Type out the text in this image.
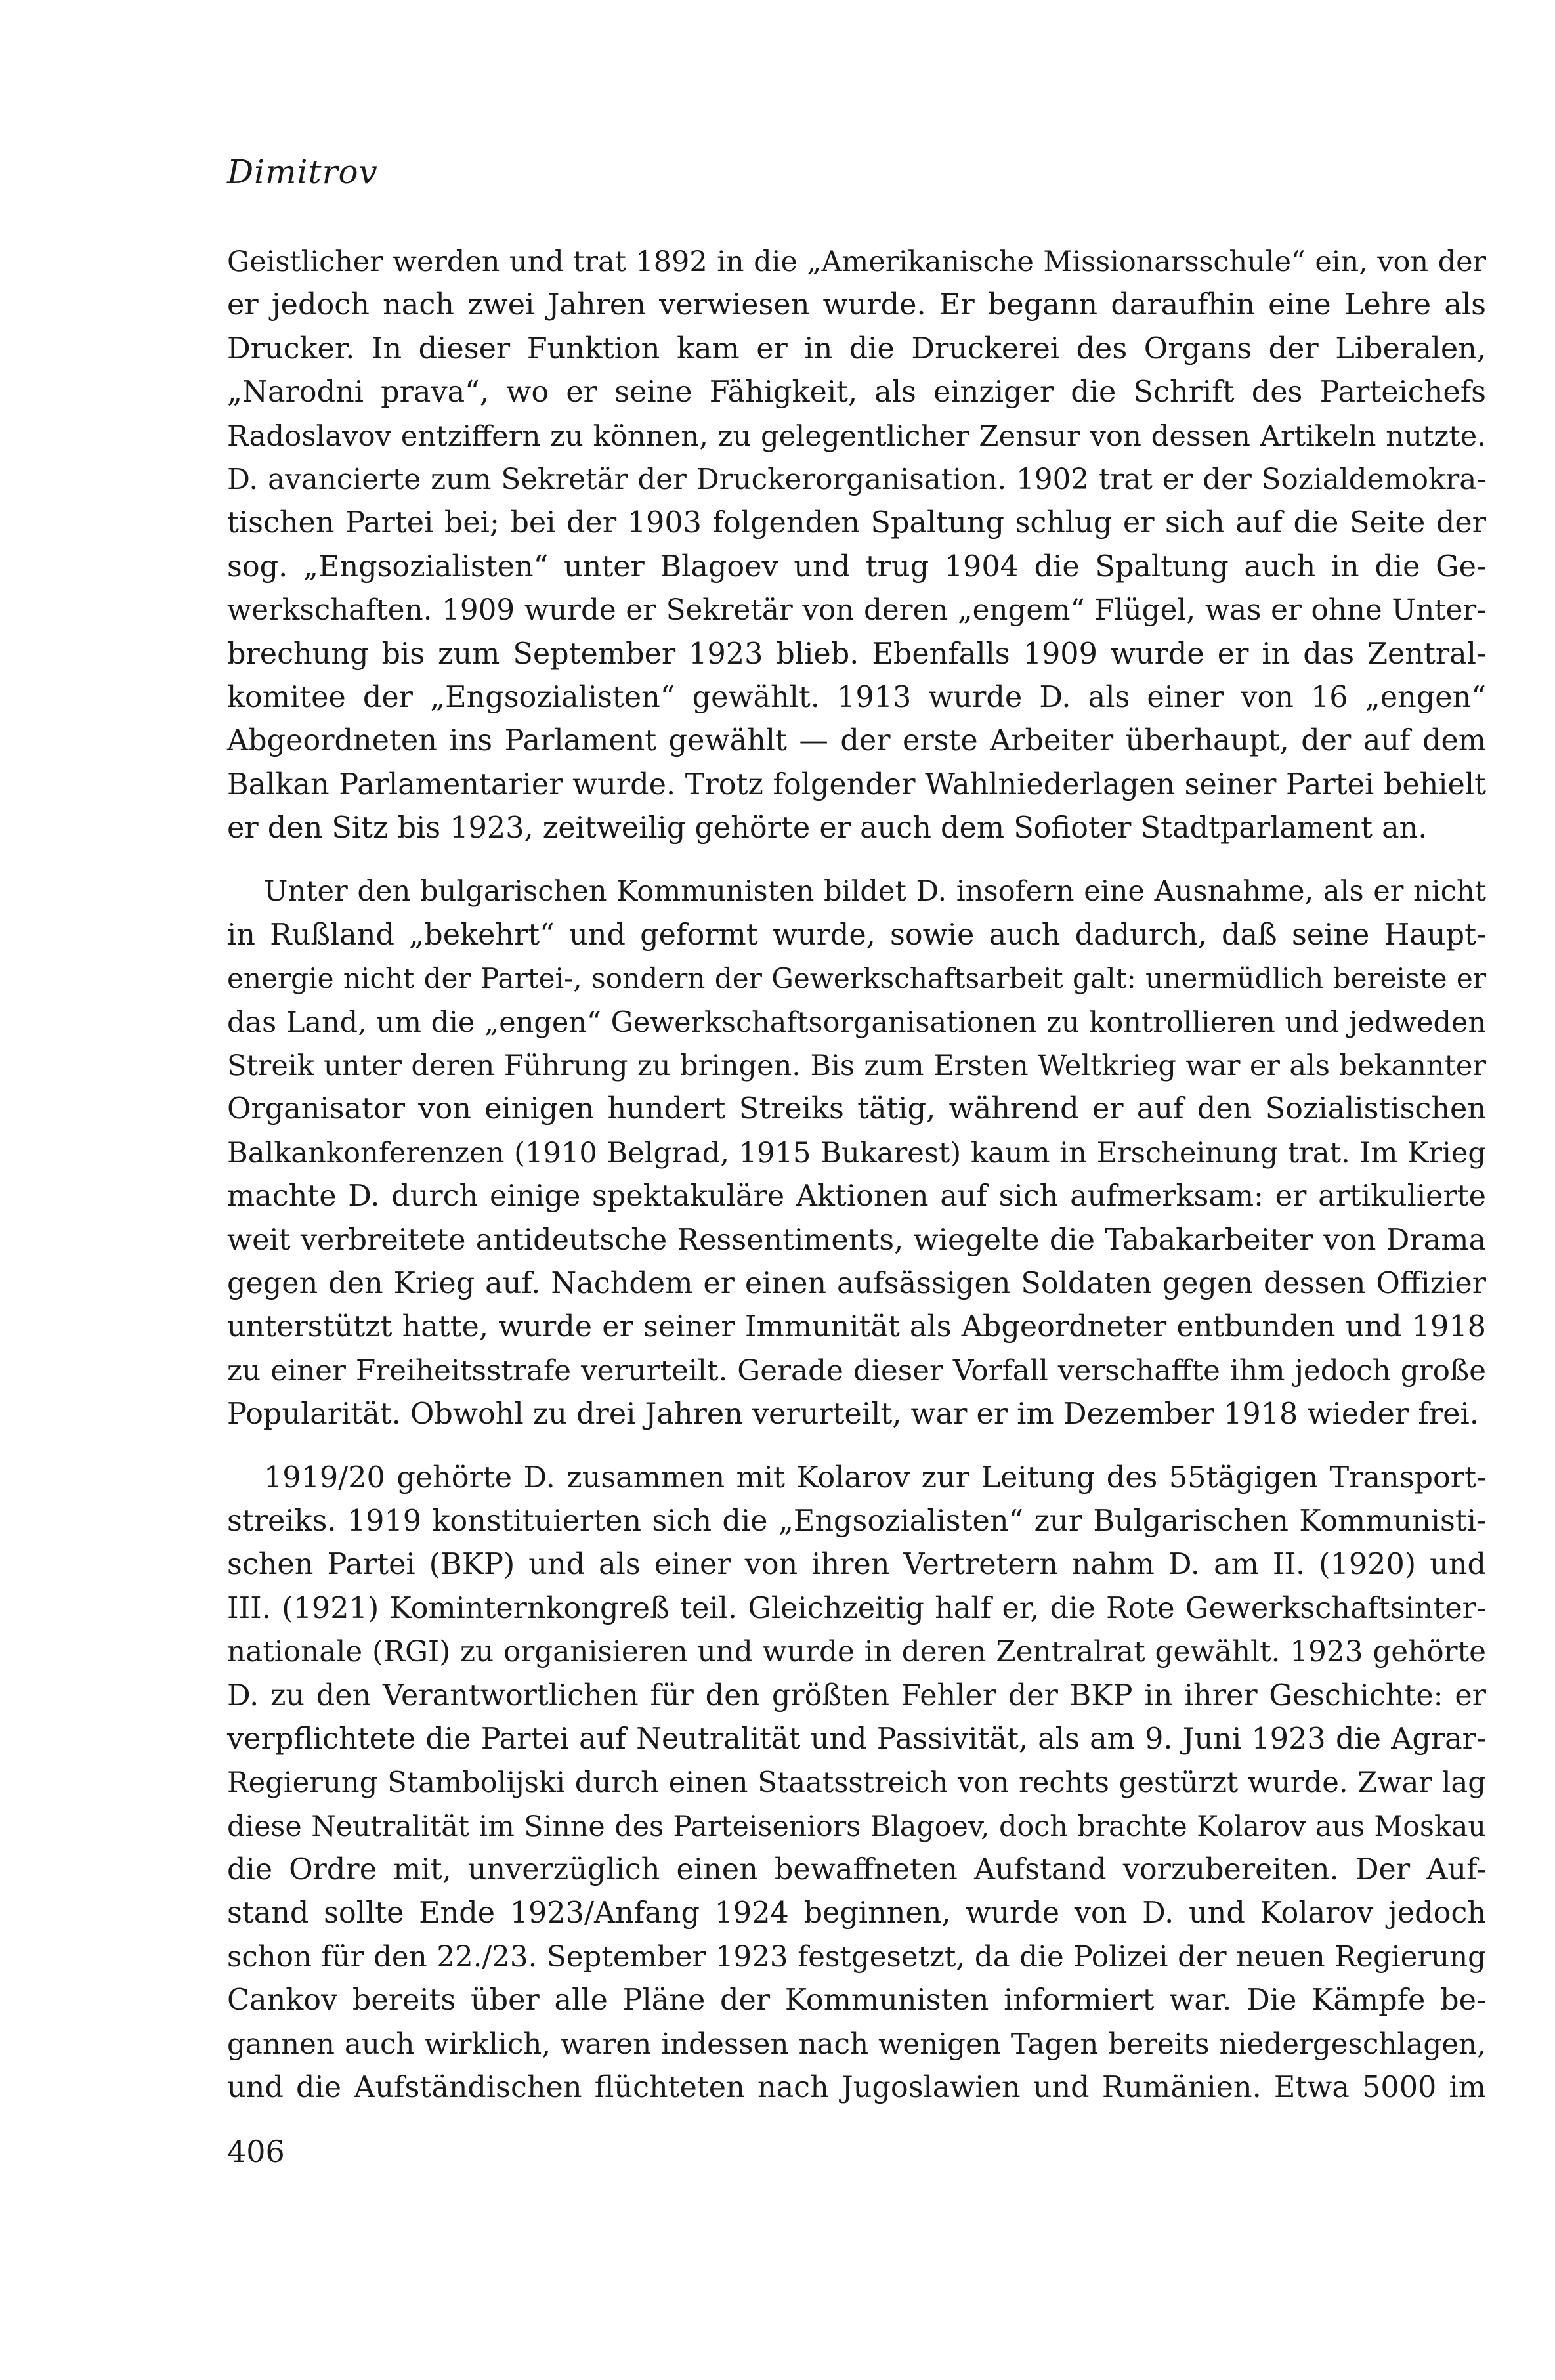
Dimitrov
Geistlicher werden und trat 1892 in die „Amerikanische Missionarsschule“ ein, von der
er jedoch nach zwei Jahren verwiesen wurde. Er begann daraufhin eine Lehre als
Drucker. In dieser Funktion kam er in die Druckerei des Organs der Liberalen,
„Narodni prava“, wo er seine Fähigkeit, als einziger die Schrift des Parteichefs
Radoslavov entziffern zu können, zu gelegentlicher Zensur von dessen Artikeln nutzte.
D. avancierte zum Sekretär der Druckerorganisation. 1902 trat er der Sozialdemokra-
tischen Partei bei; bei der 1903 folgenden Spaltung schlug er sich auf die Seite der
sog. „Engsozialisten“ unter Blagoev und trug 1904 die Spaltung auch in die Ge-
werkschaften. 1909 wurde er Sekretär von deren „engem“ Flügel, was er ohne Unter-
brechung bis zum September 1923 blieb. Ebenfalls 1909 wurde er in das Zentral-
komitee der „Engsozialisten“ gewählt. 1913 wurde D. als einer von 16 „engen“
Abgeordneten ins Parlament gewählt — der erste Arbeiter überhaupt, der auf dem
Balkan Parlamentarier wurde. Trotz folgender Wahlniederlagen seiner Partei behielt
er den Sitz bis 1923, zeitweilig gehörte er auch dem Sofioter Stadtparlament an.
Unter den bulgarischen Kommunisten bildet D. insofern eine Ausnahme, als er nicht
in Rußland „bekehrt“ und geformt wurde, sowie auch dadurch, daß seine Haupt-
energie nicht der Partei-, sondern der Gewerkschaftsarbeit galt: unermüdlich bereiste er
das Land, um die „engen“ Gewerkschaftsorganisationen zu kontrollieren und jedweden
Streik unter deren Führung zu bringen. Bis zum Ersten Weltkrieg war er als bekannter
Organisator von einigen hundert Streiks tätig, während er auf den Sozialistischen
Balkankonferenzen (1910 Belgrad, 1915 Bukarest) kaum in Erscheinung trat. Im Krieg
machte D. durch einige spektakuläre Aktionen auf sich aufmerksam: er artikulierte
weit verbreitete antideutsche Ressentiments, wiegelte die Tabakarbeiter von Drama
gegen den Krieg auf. Nachdem er einen aufsässigen Soldaten gegen dessen Offizier
unterstützt hatte, wurde er seiner Immunität als Abgeordneter entbunden und 1918
zu einer Freiheitsstrafe verurteilt. Gerade dieser Vorfall verschaffte ihm jedoch große
Popularität. Obwohl zu drei Jahren verurteilt, war er im Dezember 1918 wieder frei.
1919/20 gehörte D. zusammen mit Kolarov zur Leitung des 55tägigen Transport-
streiks. 1919 konstituierten sich die „Engsozialisten“ zur Bulgarischen Kommunisti-
schen Partei (BKP) und als einer von ihren Vertretern nahm D. am II. (1920) und
III. (1921) Kominternkongreß teil. Gleichzeitig half er, die Rote Gewerkschaftsinter-
nationale (RGI) zu organisieren und wurde in deren Zentralrat gewählt. 1923 gehörte
D. zu den Verantwortlichen für den größten Fehler der BKP in ihrer Geschichte: er
verpflichtete die Partei auf Neutralität und Passivität, als am 9. Juni 1923 die Agrar-
Regierung Stambolijski durch einen Staatsstreich von rechts gestürzt wurde. Zwar lag
diese Neutralität im Sinne des Parteiseniors Blagoev, doch brachte Kolarov aus Moskau
die Ordre mit, unverzüglich einen bewaffneten Aufstand vorzubereiten. Der Auf-
stand sollte Ende 1923/Anfang 1924 beginnen, wurde von D. und Kolarov jedoch
schon für den 22./23. September 1923 festgesetzt, da die Polizei der neuen Regierung
Cankov bereits über alle Pläne der Kommunisten informiert war. Die Kämpfe be-
gannen auch wirklich, waren indessen nach wenigen Tagen bereits niedergeschlagen,
und die Aufständischen flüchteten nach Jugoslawien und Rumänien. Etwa 5000 im
406
